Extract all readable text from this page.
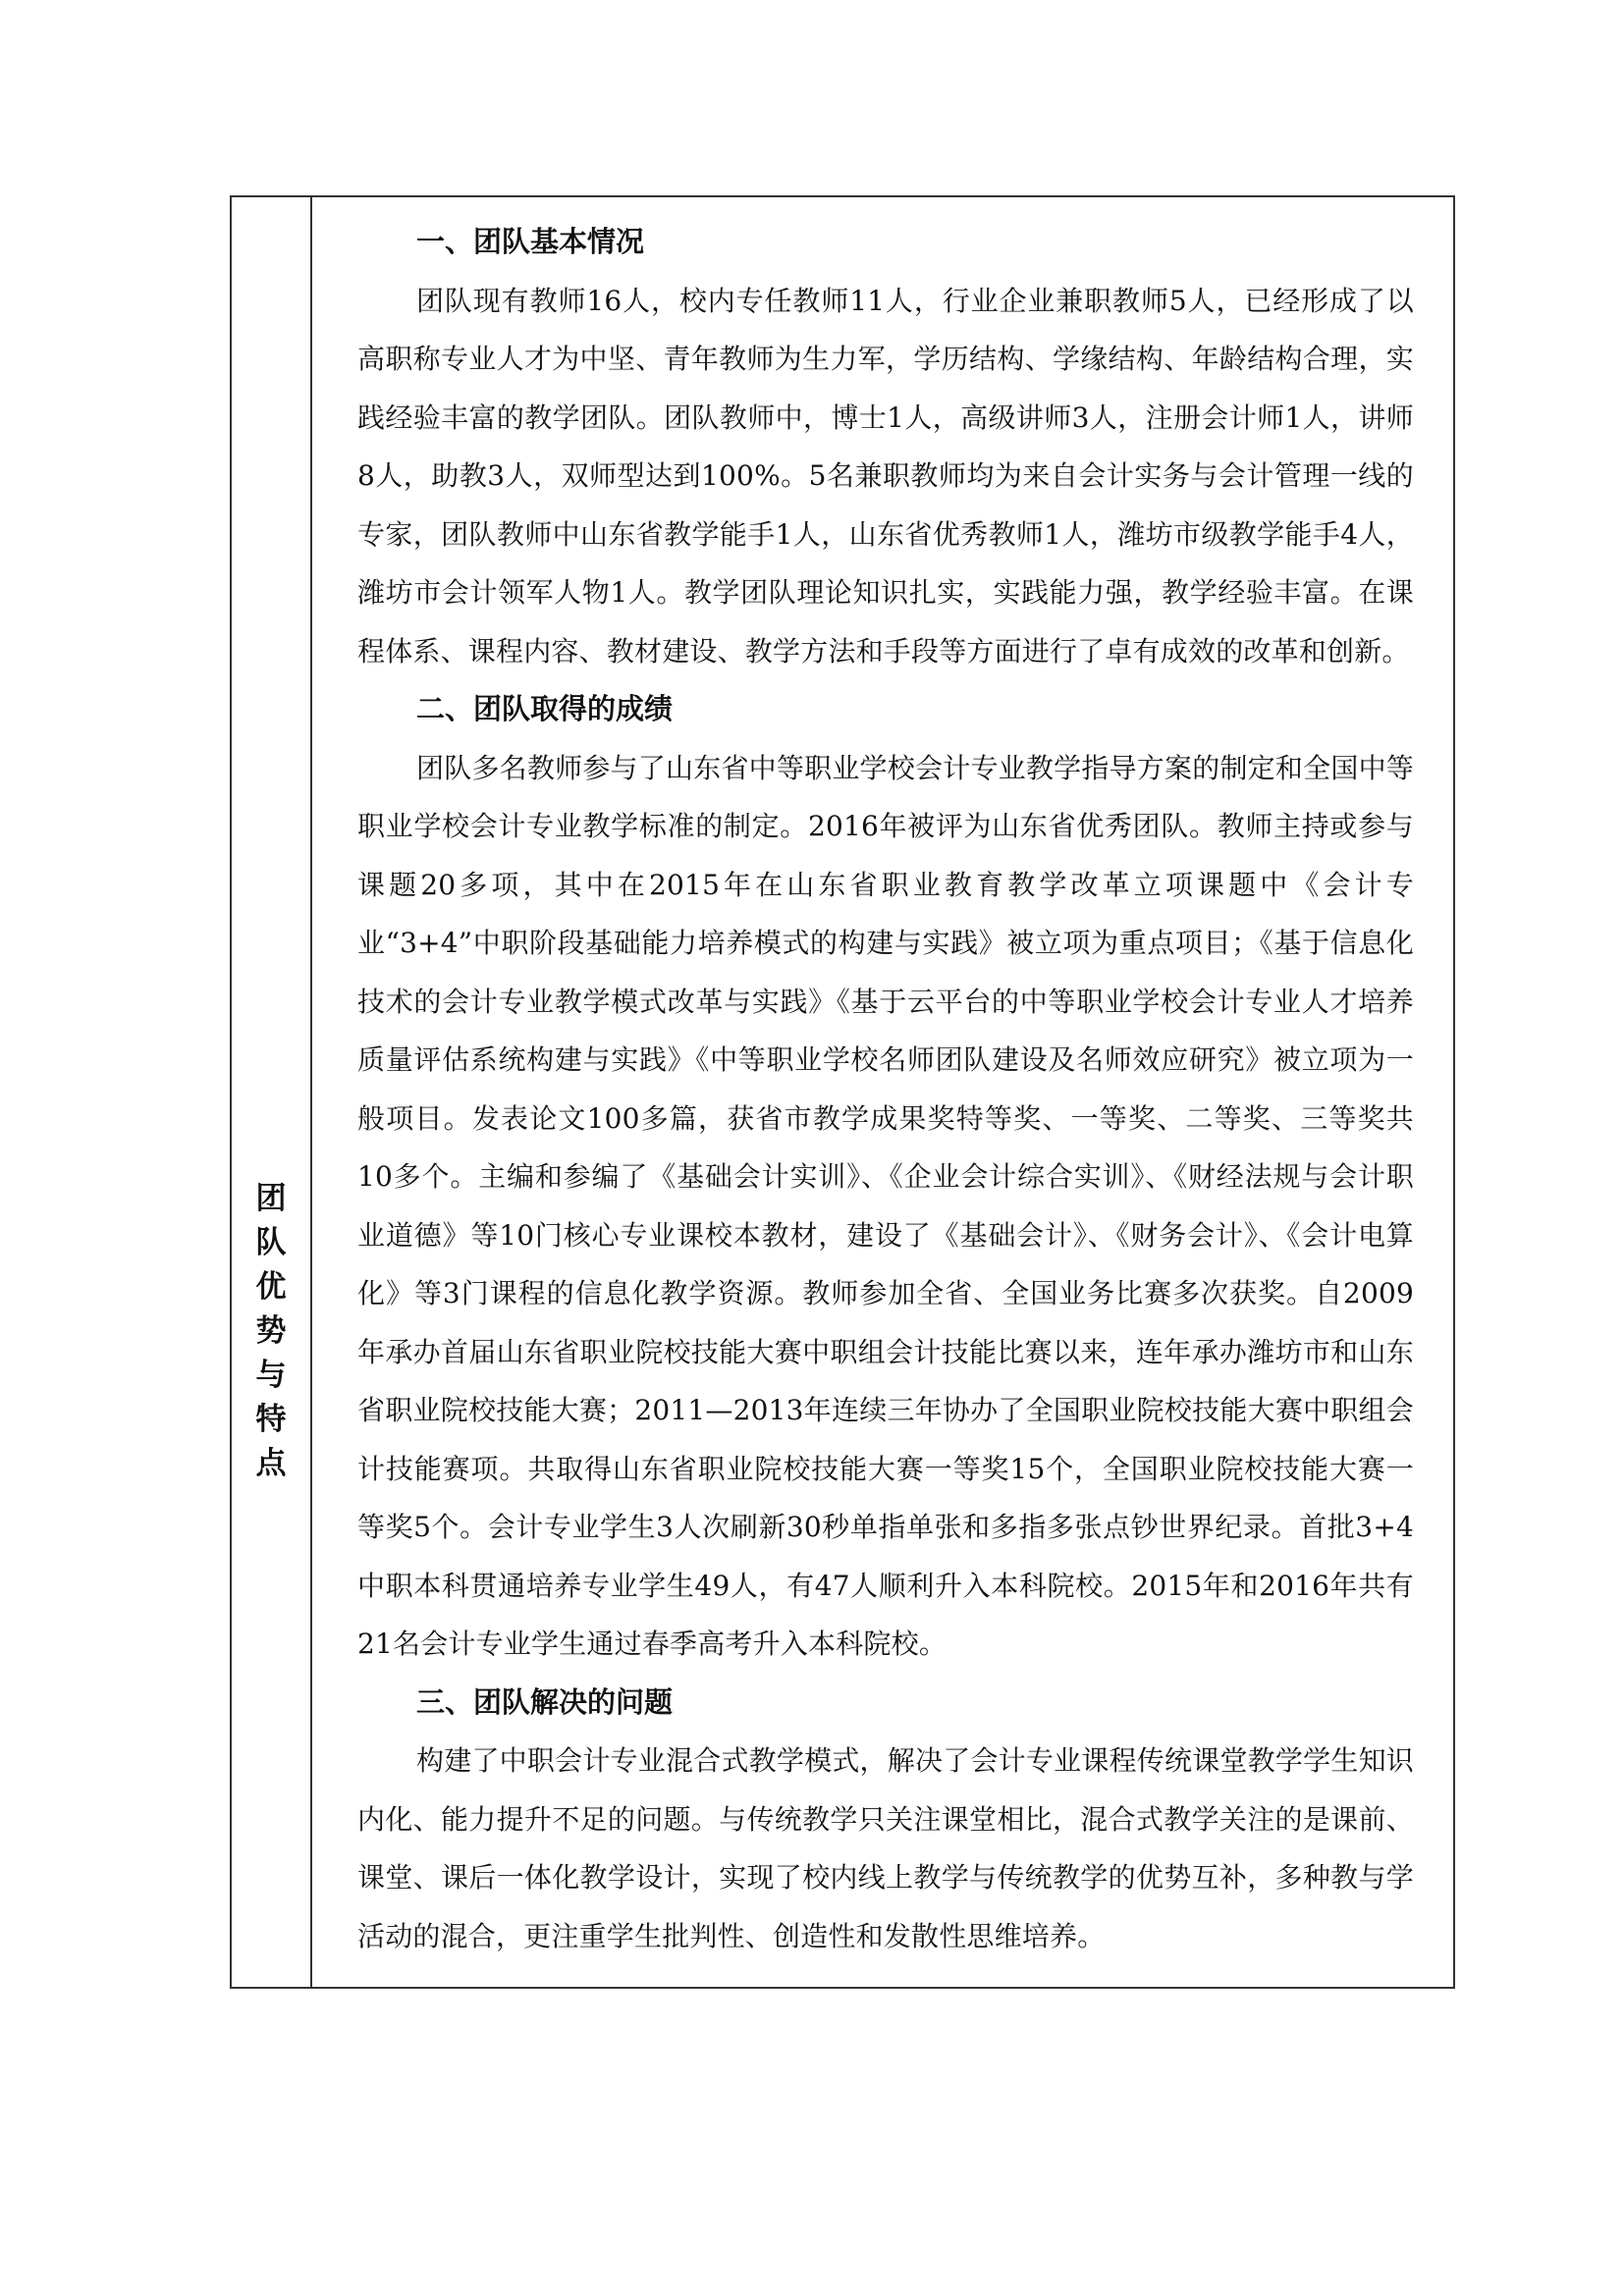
团
队
优
势
与
特
点
一、团队基本情况

团队现有教师16人，校内专任教师11人，行业企业兼职教师5人，已经形成了以高职称专业人才为中坚、青年教师为生力军，学历结构、学缘结构、年龄结构合理，实践经验丰富的教学团队。团队教师中，博士1人，高级讲师3人，注册会计师1人，讲师8人，助教3人，双师型达到100%。5名兼职教师均为来自会计实务与会计管理一线的专家，团队教师中山东省教学能手1人，山东省优秀教师1人，潍坊市级教学能手4人，潍坊市会计领军人物1人。教学团队理论知识扎实，实践能力强，教学经验丰富。在课程体系、课程内容、教材建设、教学方法和手段等方面进行了卓有成效的改革和创新。

二、团队取得的成绩

团队多名教师参与了山东省中等职业学校会计专业教学指导方案的制定和全国中等职业学校会计专业教学标准的制定。2016年被评为山东省优秀团队。教师主持或参与课题20多项，其中在2015年在山东省职业教育教学改革立项课题中《会计专业“3+4”中职阶段基础能力培养模式的构建与实践》被立项为重点项目；《基于信息化技术的会计专业教学模式改革与实践》《基于云平台的中等职业学校会计专业人才培养质量评估系统构建与实践》《中等职业学校名师团队建设及名师效应研究》被立项为一般项目。发表论文100多篇，获省市教学成果奖特等奖、一等奖、二等奖、三等奖共10多个。主编和参编了《基础会计实训》、《企业会计综合实训》、《财经法规与会计职业道德》等10门核心专业课校本教材，建设了《基础会计》、《财务会计》、《会计电算化》等3门课程的信息化教学资源。教师参加全省、全国业务比赛多次获奖。自2009年承办首届山东省职业院校技能大赛中职组会计技能比赛以来，连年承办潍坊市和山东省职业院校技能大赛；2011—2013年连续三年协办了全国职业院校技能大赛中职组会计技能赛项。共取得山东省职业院校技能大赛一等奖15个，全国职业院校技能大赛一等奖5个。会计专业学生3人次刷新30秒单指单张和多指多张点钞世界纪录。首批3+4中职本科贯通培养专业学生49人，有47人顺利升入本科院校。2015年和2016年共有21名会计专业学生通过春季高考升入本科院校。

三、团队解决的问题

构建了中职会计专业混合式教学模式，解决了会计专业课程传统课堂教学学生知识内化、能力提升不足的问题。与传统教学只关注课堂相比，混合式教学关注的是课前、课堂、课后一体化教学设计，实现了校内线上教学与传统教学的优势互补，多种教与学活动的混合，更注重学生批判性、创造性和发散性思维培养。
